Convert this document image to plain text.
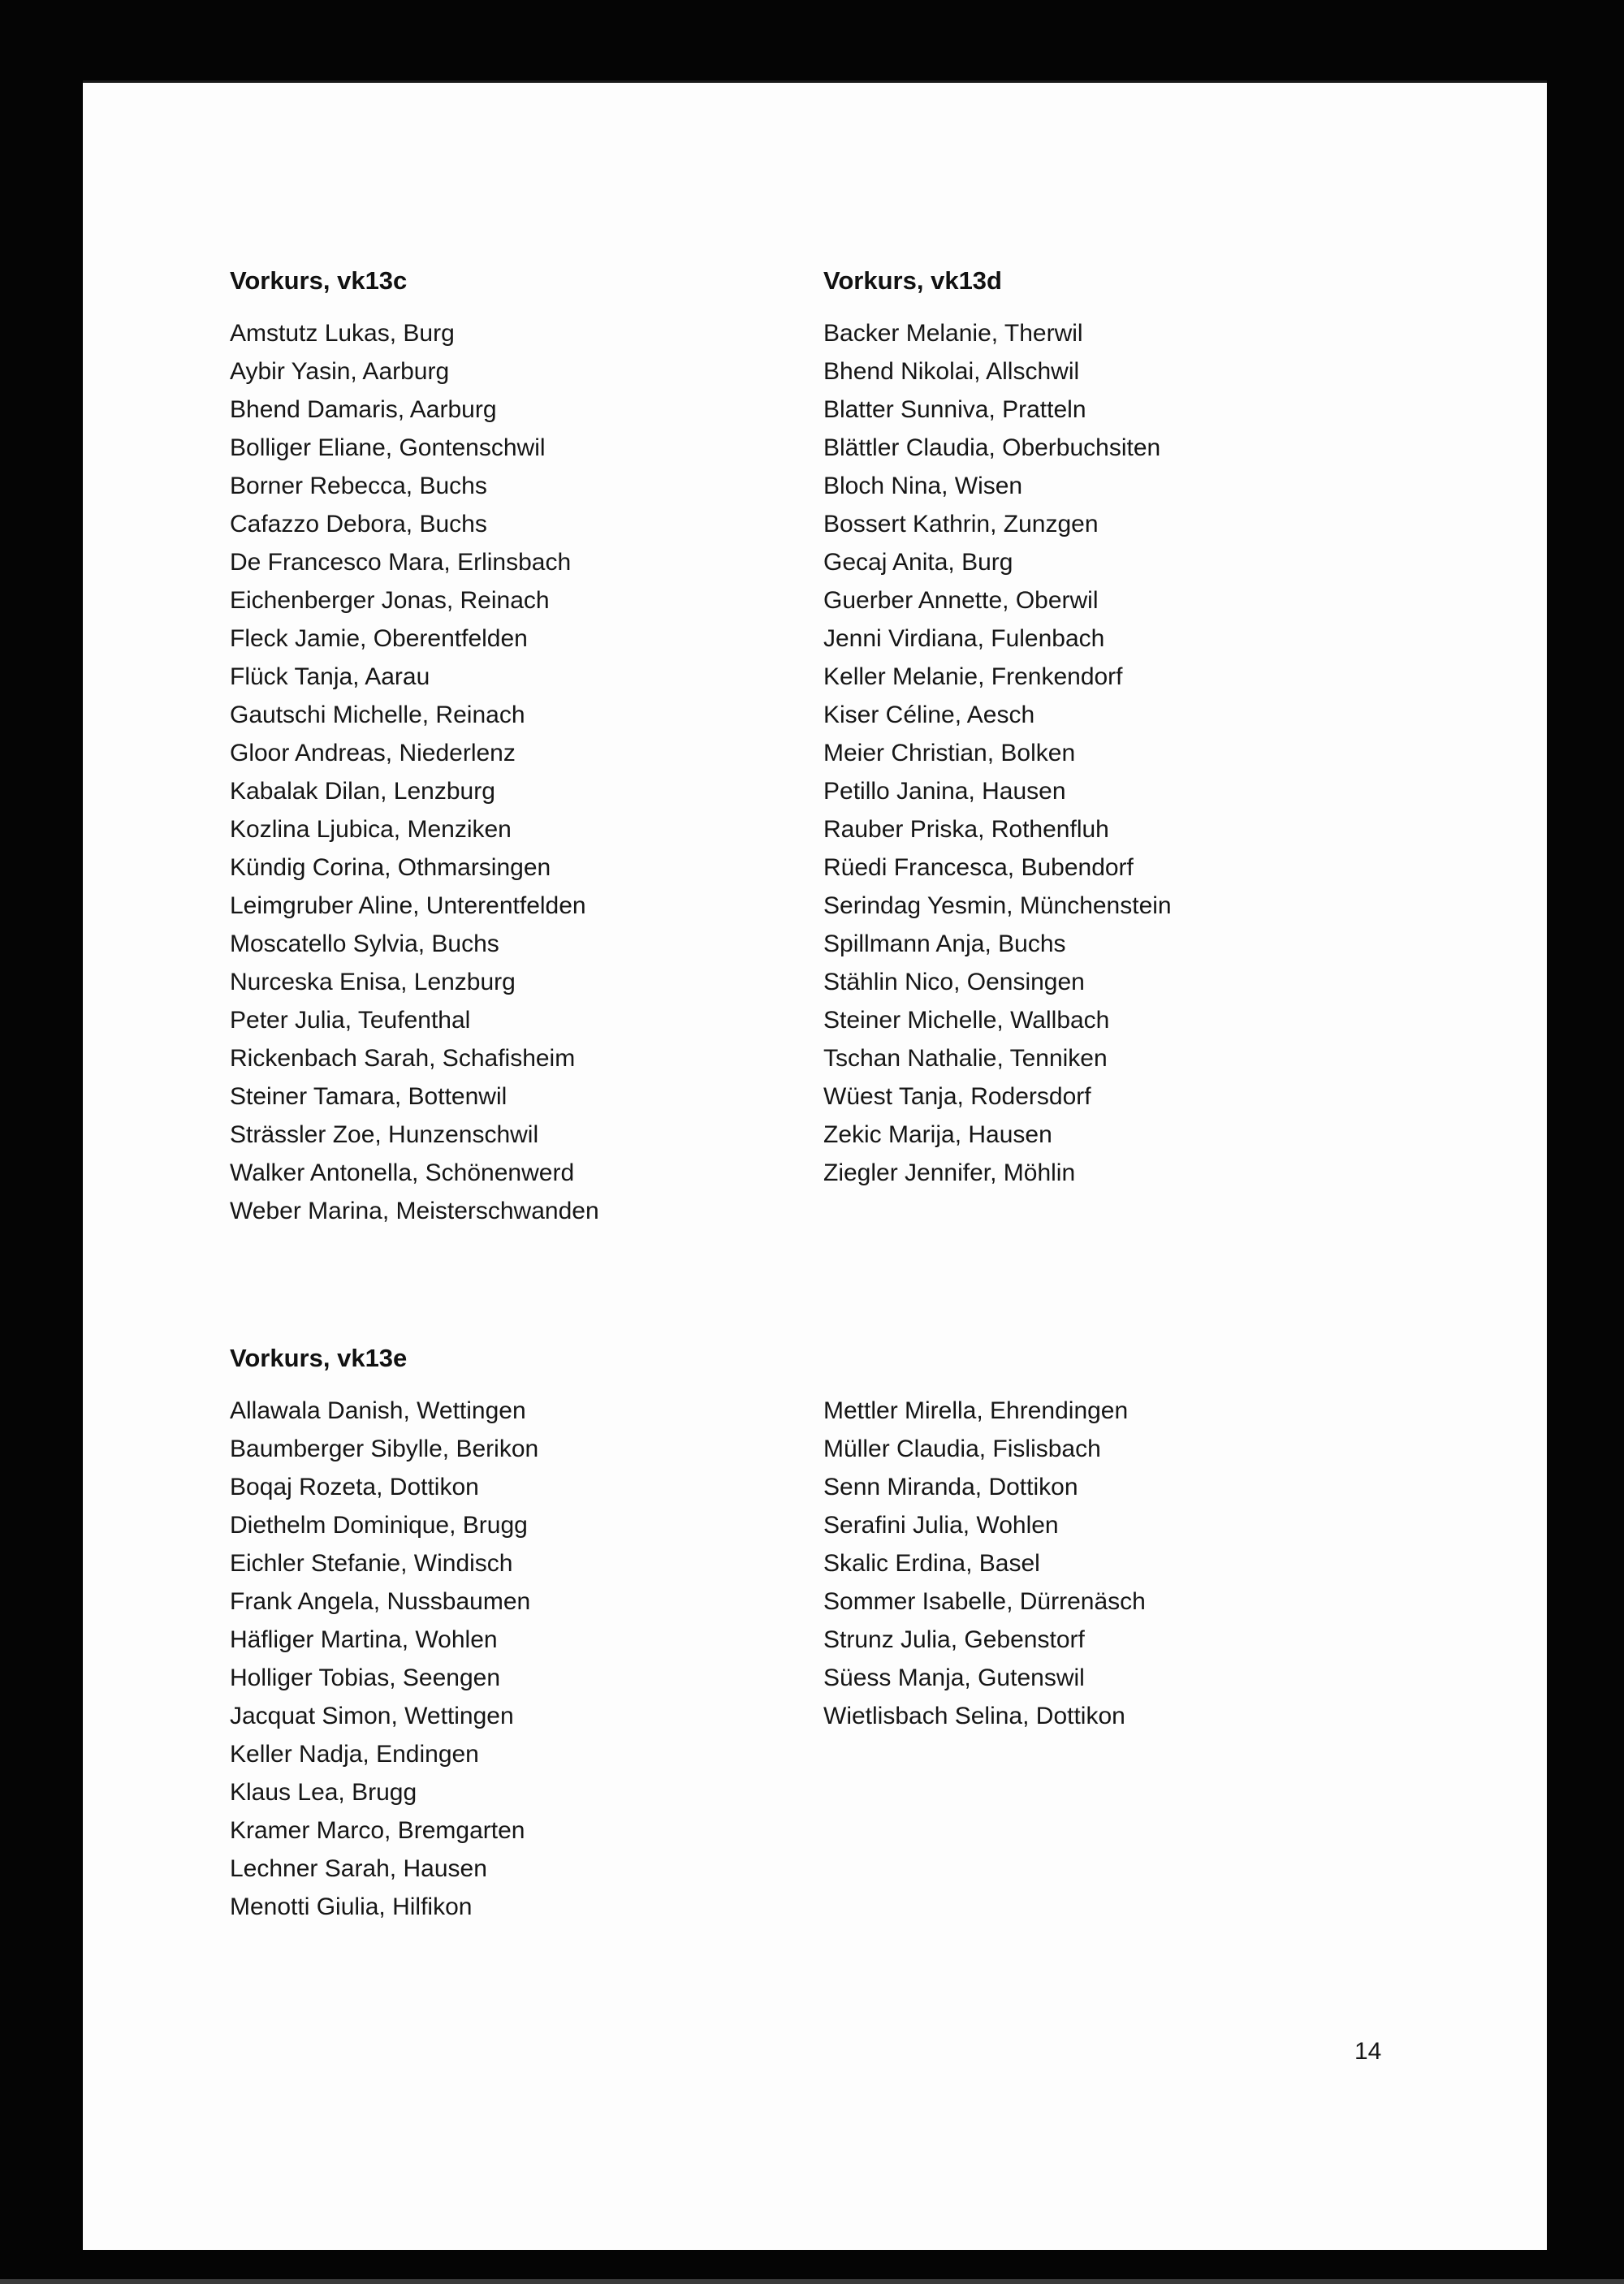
Vorkurs, vk13c
Amstutz Lukas, Burg
Aybir Yasin, Aarburg
Bhend Damaris, Aarburg
Bolliger Eliane, Gontenschwil
Borner Rebecca, Buchs
Cafazzo Debora, Buchs
De Francesco Mara, Erlinsbach
Eichenberger Jonas, Reinach
Fleck Jamie, Oberentfelden
Flück Tanja, Aarau
Gautschi Michelle, Reinach
Gloor Andreas, Niederlenz
Kabalak Dilan, Lenzburg
Kozlina Ljubica, Menziken
Kündig Corina, Othmarsingen
Leimgruber Aline, Unterentfelden
Moscatello Sylvia, Buchs
Nurceska Enisa, Lenzburg
Peter Julia, Teufenthal
Rickenbach Sarah, Schafisheim
Steiner Tamara, Bottenwil
Strässler Zoe, Hunzenschwil
Walker Antonella, Schönenwerd
Weber Marina, Meisterschwanden
Vorkurs, vk13d
Backer Melanie, Therwil
Bhend Nikolai, Allschwil
Blatter Sunniva, Pratteln
Blättler Claudia, Oberbuchsiten
Bloch Nina, Wisen
Bossert Kathrin, Zunzgen
Gecaj Anita, Burg
Guerber Annette, Oberwil
Jenni Virdiana, Fulenbach
Keller Melanie, Frenkendorf
Kiser Céline, Aesch
Meier Christian, Bolken
Petillo Janina, Hausen
Rauber Priska, Rothenfluh
Rüedi Francesca, Bubendorf
Serindag Yesmin, Münchenstein
Spillmann Anja, Buchs
Stählin Nico, Oensingen
Steiner Michelle, Wallbach
Tschan Nathalie, Tenniken
Wüest Tanja, Rodersdorf
Zekic Marija, Hausen
Ziegler Jennifer, Möhlin
Vorkurs, vk13e
Allawala Danish, Wettingen
Baumberger Sibylle, Berikon
Boqaj Rozeta, Dottikon
Diethelm Dominique, Brugg
Eichler Stefanie, Windisch
Frank Angela, Nussbaumen
Häfliger Martina, Wohlen
Holliger Tobias, Seengen
Jacquat Simon, Wettingen
Keller Nadja, Endingen
Klaus Lea, Brugg
Kramer Marco, Bremgarten
Lechner Sarah, Hausen
Menotti Giulia, Hilfikon
Mettler Mirella, Ehrendingen
Müller Claudia, Fislisbach
Senn Miranda, Dottikon
Serafini Julia, Wohlen
Skalic Erdina, Basel
Sommer Isabelle, Dürrenäsch
Strunz Julia, Gebenstorf
Süess Manja, Gutenswil
Wietlisbach Selina, Dottikon
14
